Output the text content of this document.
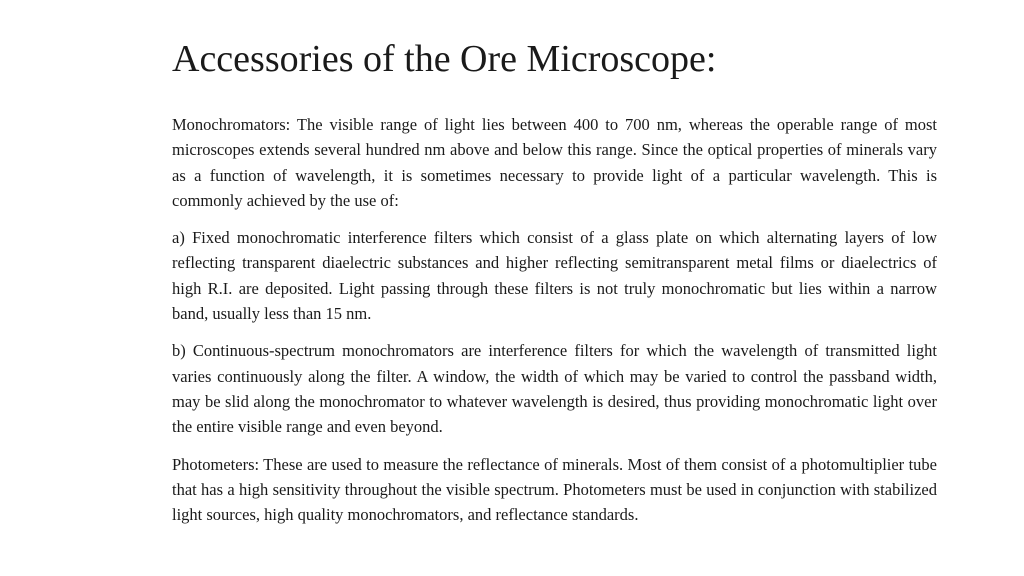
Accessories of the Ore Microscope:

Monochromators: The visible range of light lies between 400 to 700 nm, whereas the operable range of most microscopes extends several hundred nm above and below this range. Since the optical properties of minerals vary as a function of wavelength, it is sometimes necessary to provide light of a particular wavelength. This is commonly achieved by the use of:

a) Fixed monochromatic interference filters which consist of a glass plate on which alternating layers of low reflecting transparent diaelectric substances and higher reflecting semitransparent metal films or diaelectrics of high R.I. are deposited. Light passing through these filters is not truly monochromatic but lies within a narrow band, usually less than 15 nm.

b) Continuous-spectrum monochromators are interference filters for which the wavelength of transmitted light varies continuously along the filter. A window, the width of which may be varied to control the passband width, may be slid along the monochromator to whatever wavelength is desired, thus providing monochromatic light over the entire visible range and even beyond.

Photometers: These are used to measure the reflectance of minerals. Most of them consist of a photomultiplier tube that has a high sensitivity throughout the visible spectrum. Photometers must be used in conjunction with stabilized light sources, high quality monochromators, and reflectance standards.
